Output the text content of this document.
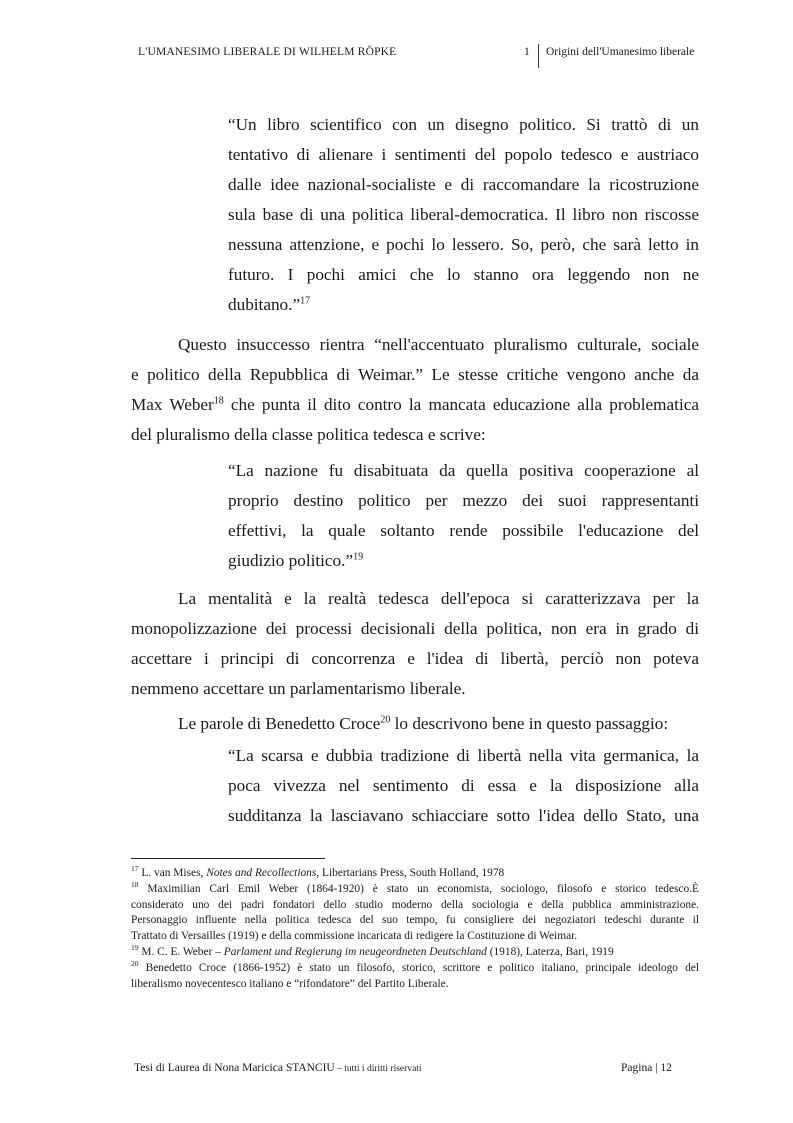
L'UMANESIMO LIBERALE DI WILHELM RÖPKE	1 Origini dell'Umanesimo liberale
“Un libro scientifico con un disegno politico. Si trattò di un
tentativo di alienare i sentimenti del popolo tedesco e austriaco
dalle idee nazional-socialiste e di raccomandare la ricostruzione
sula base di una politica liberal-democratica. Il libro non riscosse
nessuna attenzione, e pochi lo lessero. So, però, che sarà letto in
futuro. I pochi amici che lo stanno ora leggendo non ne
dubitano.”$^{17}$
Questo insuccesso rientra “nell'accentuato pluralismo culturale, sociale
e politico della Repubblica di Weimar.” Le stesse critiche vengono anche da
Max Weber$^{18}$ che punta il dito contro la mancata educazione alla problematica
del pluralismo della classe politica tedesca e scrive:
“La nazione fu disabituata da quella positiva cooperazione al
proprio destino politico per mezzo dei suoi rappresentanti
effettivi, la quale soltanto rende possibile l'educazione del
giudizio politico.”$^{19}$
La mentalità e la realtà tedesca dell'epoca si caratterizzava per la
monopolizzazione dei processi decisionali della politica, non era in grado di
accettare i principi di concorrenza e l'idea di libertà, perciò non poteva
nemmeno accettare un parlamentarismo liberale.
Le parole di Benedetto Croce$^{20}$ lo descrivono bene in questo passaggio:
“La scarsa e dubbia tradizione di libertà nella vita germanica, la
poca vivezza nel sentimento di essa e la disposizione alla
sudditanza la lasciavano schiacciare sotto l'idea dello Stato, una
$^{17}$ L. van Mises, Notes and Recollections, Libertarians Press, South Holland, 1978
$^{18}$ Maximilian Carl Emil Weber (1864-1920) è stato un economista, sociologo, filosofo e storico tedesco.È
considerato uno dei padri fondatori dello studio moderno della sociologia e della pubblica amministrazione.
Personaggio influente nella politica tedesca del suo tempo, fu consigliere dei negoziatori tedeschi durante il
Trattato di Versailles (1919) e della commissione incaricata di redigere la Costituzione di Weimar.
$^{19}$ M. C. E. Weber – Parlament und Regierung im neugeordneten Deutschland (1918), Laterza, Bari, 1919
$^{20}$ Benedetto Croce (1866-1952) è stato un filosofo, storico, scrittore e politico italiano, principale ideologo del
liberalismo novecentesco italiano e “rifondatore” del Partito Liberale.
Tesi di Laurea di Nona Maricica STANCIU – tutti i diritti riservati	Pagina | 12
